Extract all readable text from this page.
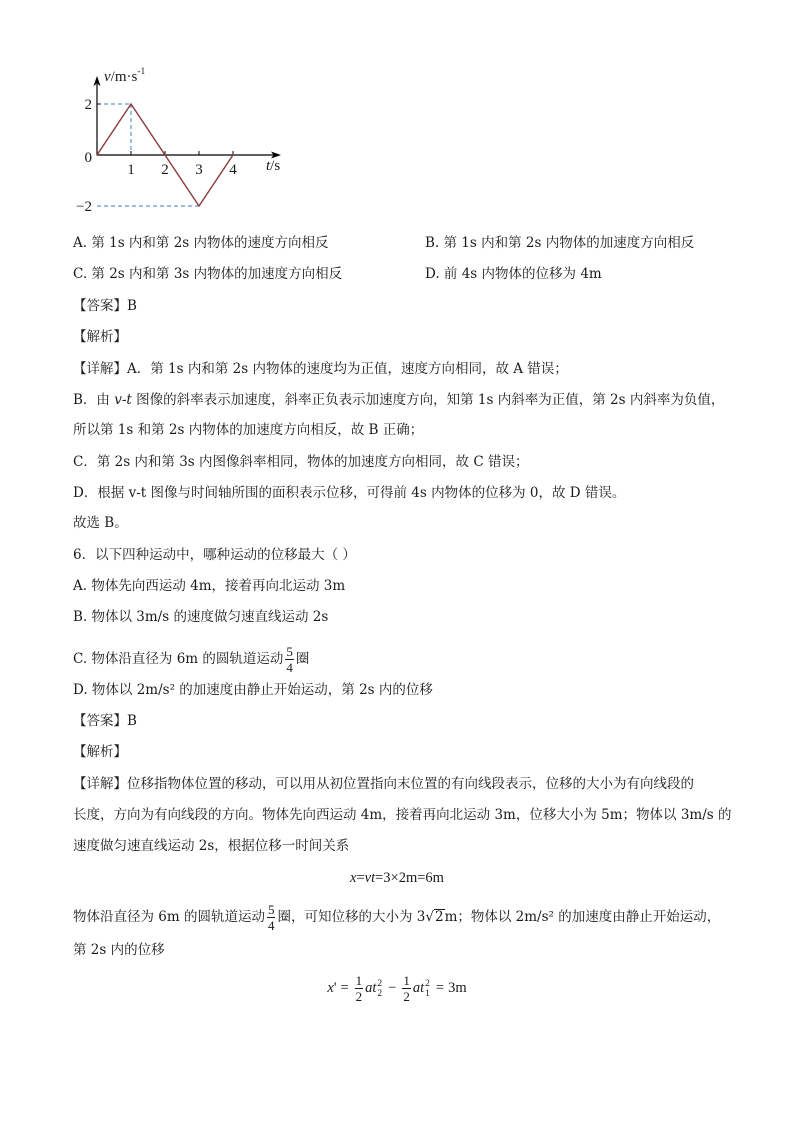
1 2 3 4
2
0
−2
$v/m\cdot s^{-1}$
t/s
A. 第 1s 内和第 2s 内物体的速度方向相反	B. 第 1s 内和第 2s 内物体的加速度方向相反
C. 第 2s 内和第 3s 内物体的加速度方向相反	D. 前 4s 内物体的位移为 4m
【答案】B
【解析】
【详解】A．第 1s 内和第 2s 内物体的速度均为正值，速度方向相同，故 A 错误；
B．由 v-t 图像的斜率表示加速度，斜率正负表示加速度方向，知第 1s 内斜率为正值，第 2s 内斜率为负值，
所以第 1s 和第 2s 内物体的加速度方向相反，故 B 正确；
C．第 2s 内和第 3s 内图像斜率相同，物体的加速度方向相同，故 C 错误；
D．根据 v-t 图像与时间轴所围的面积表示位移，可得前 4s 内物体的位移为 0，故 D 错误。
故选 B。
6．以下四种运动中，哪种运动的位移最大（ ）
A. 物体先向西运动 4m，接着再向北运动 3m
B. 物体以 3m/s 的速度做匀速直线运动 2s
C. 物体沿直径为 6m 的圆轨道运动 $\frac{5}{4}$ 圈
D. 物体以 2m/s² 的加速度由静止开始运动，第 2s 内的位移
【答案】B
【解析】
【详解】位移指物体位置的移动，可以用从初位置指向末位置的有向线段表示，位移的大小为有向线段的
长度，方向为有向线段的方向。物体先向西运动 4m，接着再向北运动 3m，位移大小为 5m；物体以 3m/s 的
速度做匀速直线运动 2s，根据位移一时间关系
x=vt=3×2m=6m
物体沿直径为 6m 的圆轨道运动 $\frac{5}{4}$ 圈，可知位移的大小为 3√2m；物体以 2m/s² 的加速度由静止开始运动，
第 2s 内的位移
$x' = \frac{1}{2}$ at 2
$2 - \frac{1}{2}$ at 2
1 = 3m
